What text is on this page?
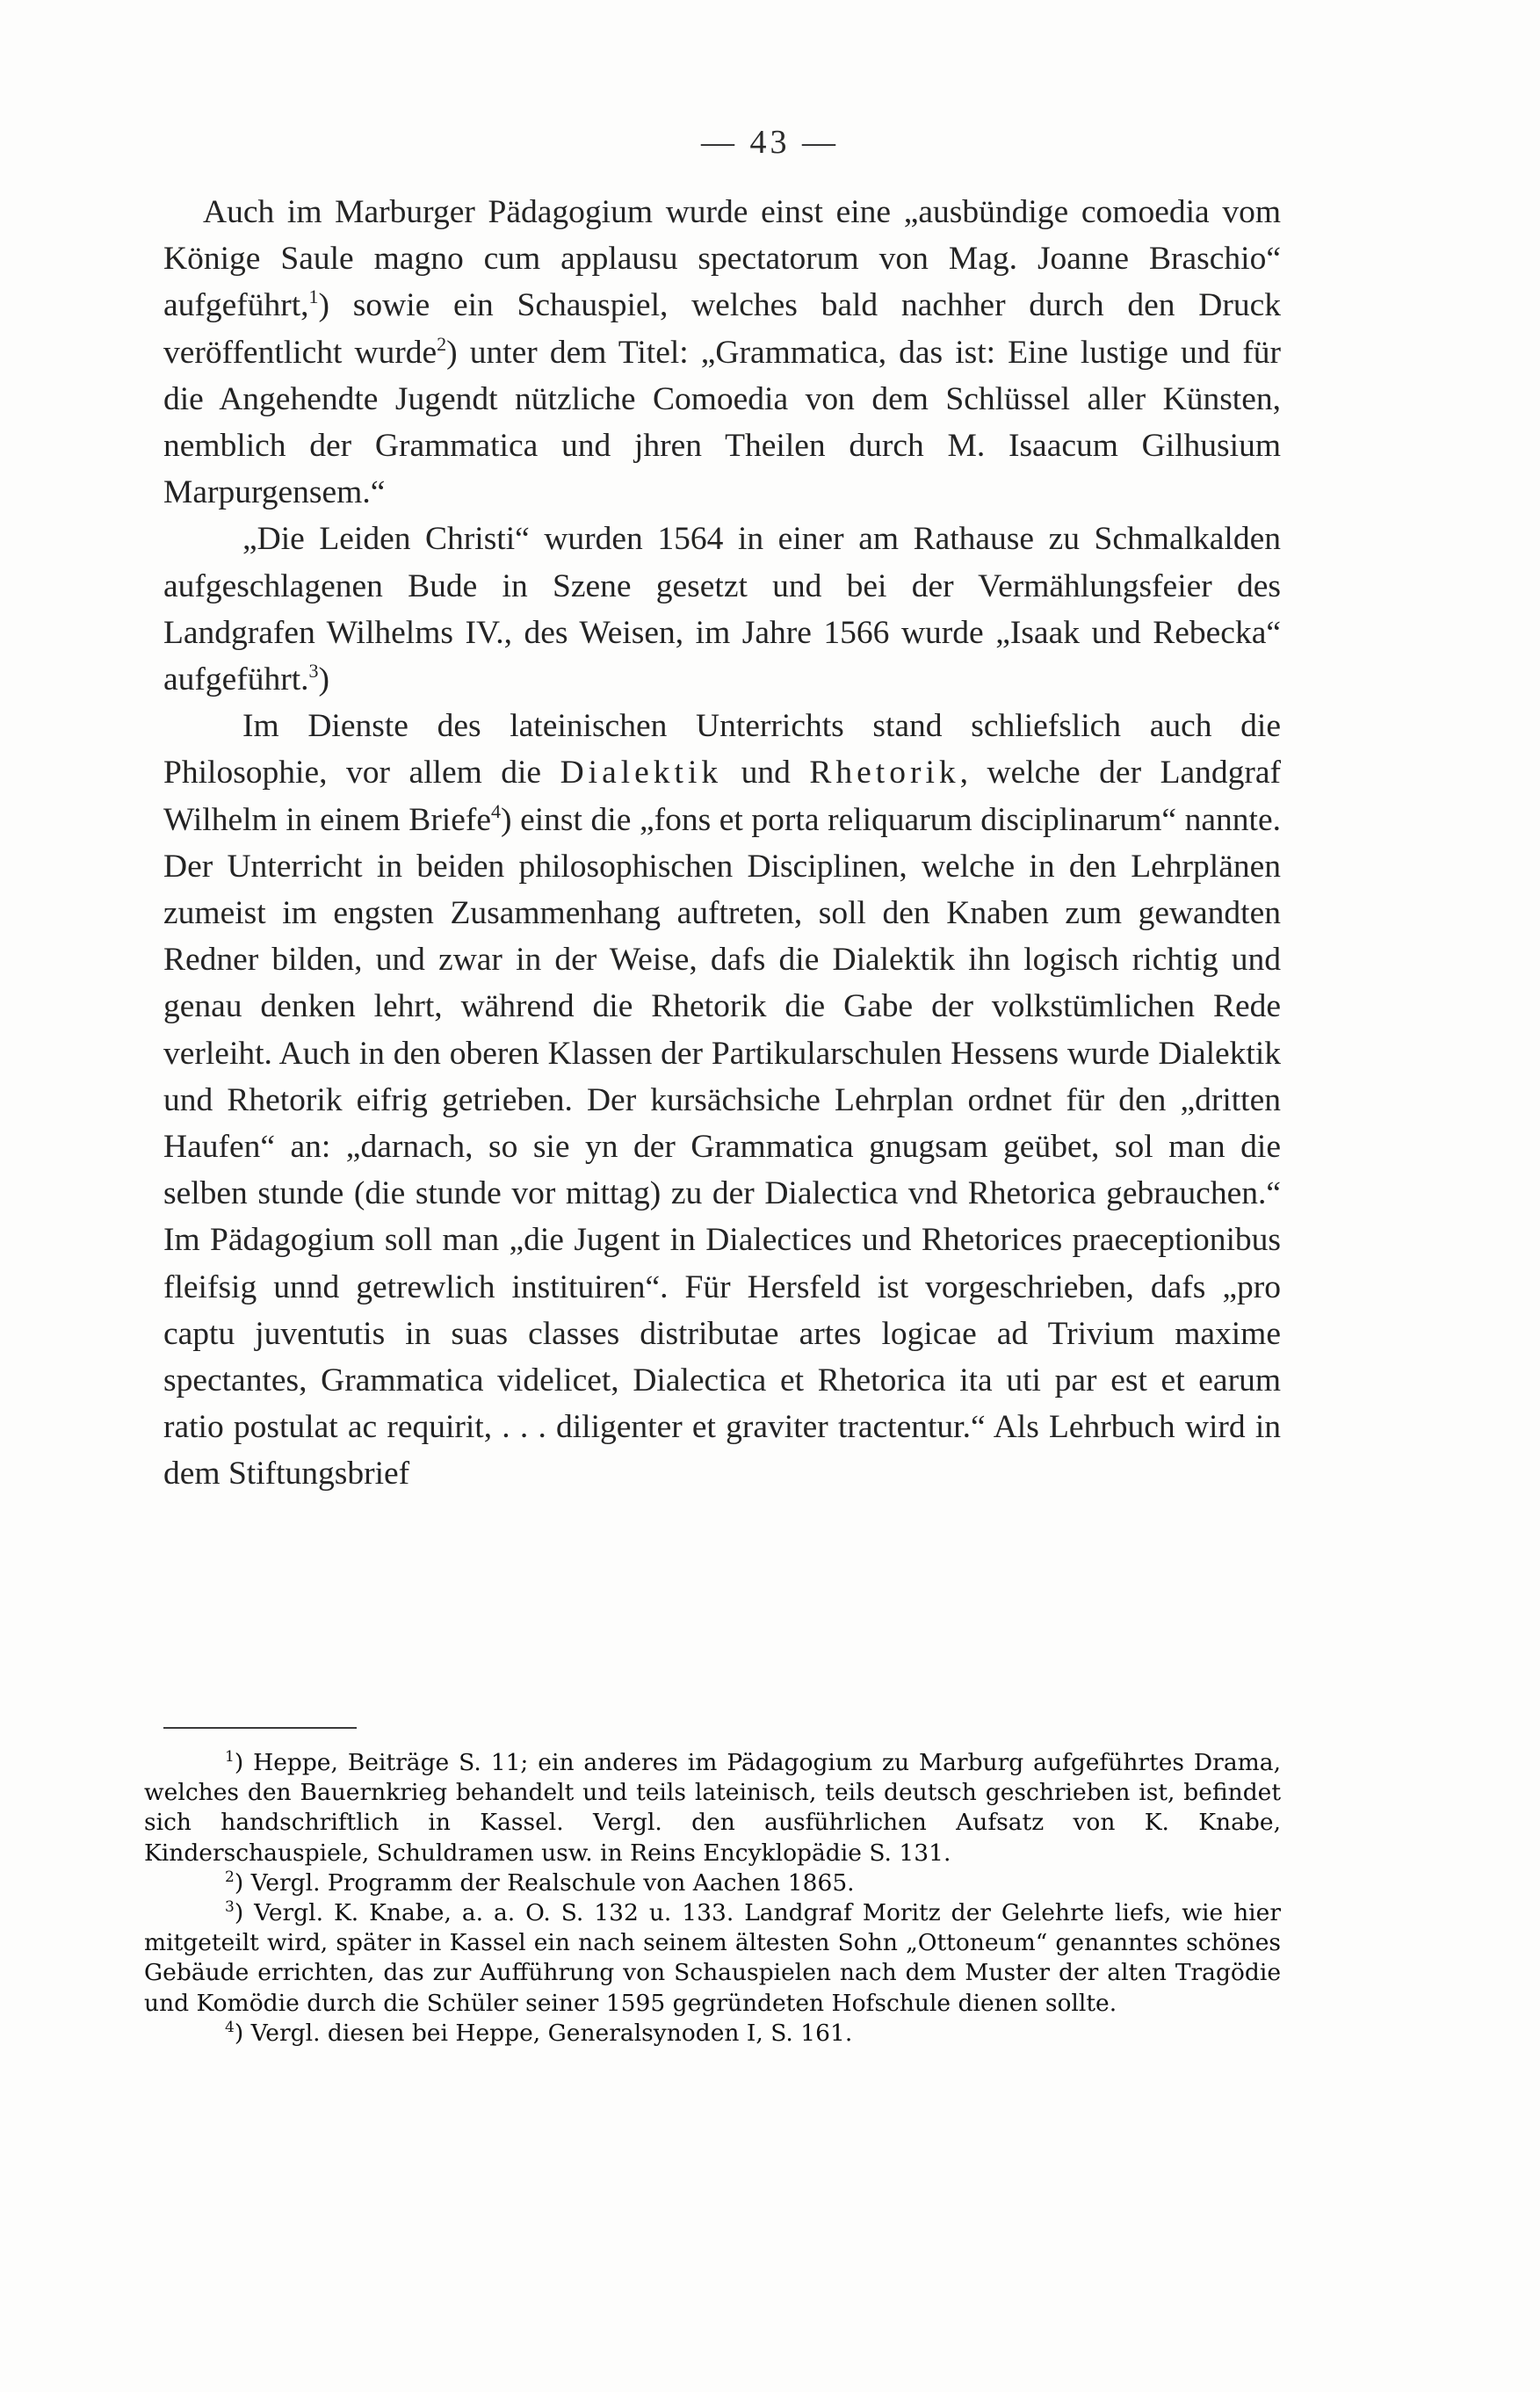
— 43 —

Auch im Marburger Pädagogium wurde einst eine „ausbündige comoedia vom Könige Saule magno cum applausu spectatorum von Mag. Joanne Braschio“ aufgeführt,$^1$) sowie ein Schauspiel, welches bald nachher durch den Druck veröffentlicht wurde$^2$) unter dem Titel: „Grammatica, das ist: Eine lustige und für die Angehendte Jugendt nützliche Comoedia von dem Schlüssel aller Künsten, nemblich der Grammatica und jhren Theilen durch M. Isaacum Gilhusium Marpurgensem.“

„Die Leiden Christi“ wurden 1564 in einer am Rathause zu Schmalkalden aufgeschlagenen Bude in Szene gesetzt und bei der Vermählungsfeier des Landgrafen Wilhelms IV., des Weisen, im Jahre 1566 wurde „Isaak und Rebecka“ aufgeführt.$^3$)

Im Dienste des lateinischen Unterrichts stand schliefslich auch die Philosophie, vor allem die Dialektik und Rhetorik, welche der Landgraf Wilhelm in einem Briefe$^4$) einst die „fons et porta reliquarum disciplinarum“ nannte. Der Unterricht in beiden philosophischen Disciplinen, welche in den Lehrplänen zumeist im engsten Zusammenhang auftreten, soll den Knaben zum gewandten Redner bilden, und zwar in der Weise, dafs die Dialektik ihn logisch richtig und genau denken lehrt, während die Rhetorik die Gabe der volkstümlichen Rede verleiht. Auch in den oberen Klassen der Partikularschulen Hessens wurde Dialektik und Rhetorik eifrig getrieben. Der kursächsiche Lehrplan ordnet für den „dritten Haufen“ an: „darnach, so sie yn der Grammatica gnugsam geübet, sol man die selben stunde (die stunde vor mittag) zu der Dialectica vnd Rhetorica gebrauchen.“ Im Pädagogium soll man „die Jugent in Dialectices und Rhetorices praeceptionibus fleifsig unnd getrewlich instituiren“. Für Hersfeld ist vorgeschrieben, dafs „pro captu juventutis in suas classes distributae artes logicae ad Trivium maxime spectantes, Grammatica videlicet, Dialectica et Rhetorica ita uti par est et earum ratio postulat ac requirit, . . . diligenter et graviter tractentur.“ Als Lehrbuch wird in dem Stiftungsbrief

$^1$) Heppe, Beiträge S. 11; ein anderes im Pädagogium zu Marburg aufgeführtes Drama, welches den Bauernkrieg behandelt und teils lateinisch, teils deutsch geschrieben ist, befindet sich handschriftlich in Kassel. Vergl. den ausführlichen Aufsatz von K. Knabe, Kinderschauspiele, Schuldramen usw. in Reins Encyklopädie S. 131.

$^2$) Vergl. Programm der Realschule von Aachen 1865.

$^3$) Vergl. K. Knabe, a. a. O. S. 132 u. 133. Landgraf Moritz der Gelehrte liefs, wie hier mitgeteilt wird, später in Kassel ein nach seinem ältesten Sohn „Ottoneum“ genanntes schönes Gebäude errichten, das zur Aufführung von Schauspielen nach dem Muster der alten Tragödie und Komödie durch die Schüler seiner 1595 gegründeten Hofschule dienen sollte.

$^4$) Vergl. diesen bei Heppe, Generalsynoden I, S. 161.
